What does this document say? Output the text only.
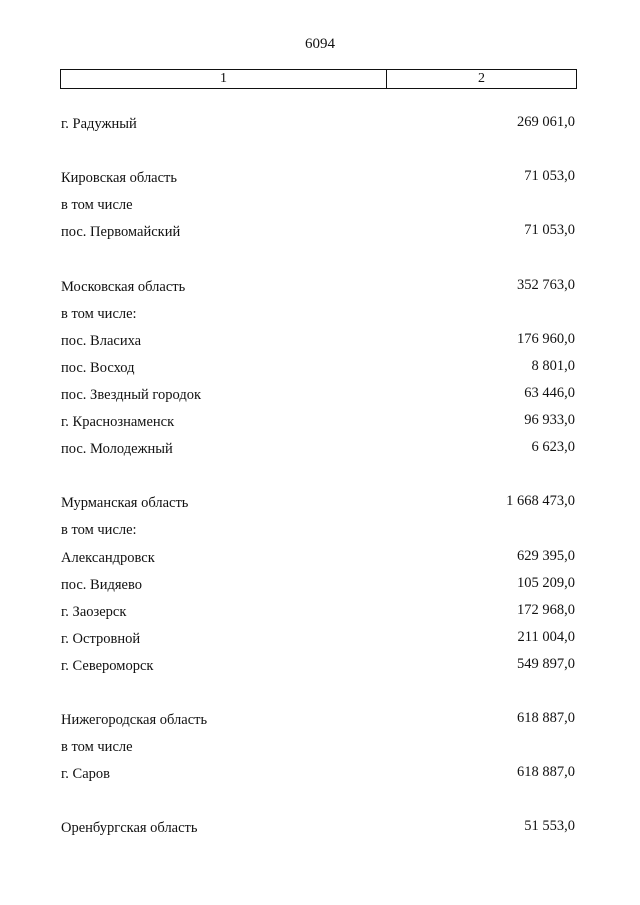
6094
1	2
г. Радужный	269 061,0
Кировская область	71 053,0
в том числе
пос. Первомайский	71 053,0
Московская область	352 763,0
в том числе:
пос. Власиха	176 960,0
пос. Восход	8 801,0
пос. Звездный городок	63 446,0
г. Краснознаменск	96 933,0
пос. Молодежный	6 623,0
Мурманская область	1 668 473,0
в том числе:
Александровск	629 395,0
пос. Видяево	105 209,0
г. Заозерск	172 968,0
г. Островной	211 004,0
г. Североморск	549 897,0
Нижегородская область	618 887,0
в том числе
г. Саров	618 887,0
Оренбургская область	51 553,0
